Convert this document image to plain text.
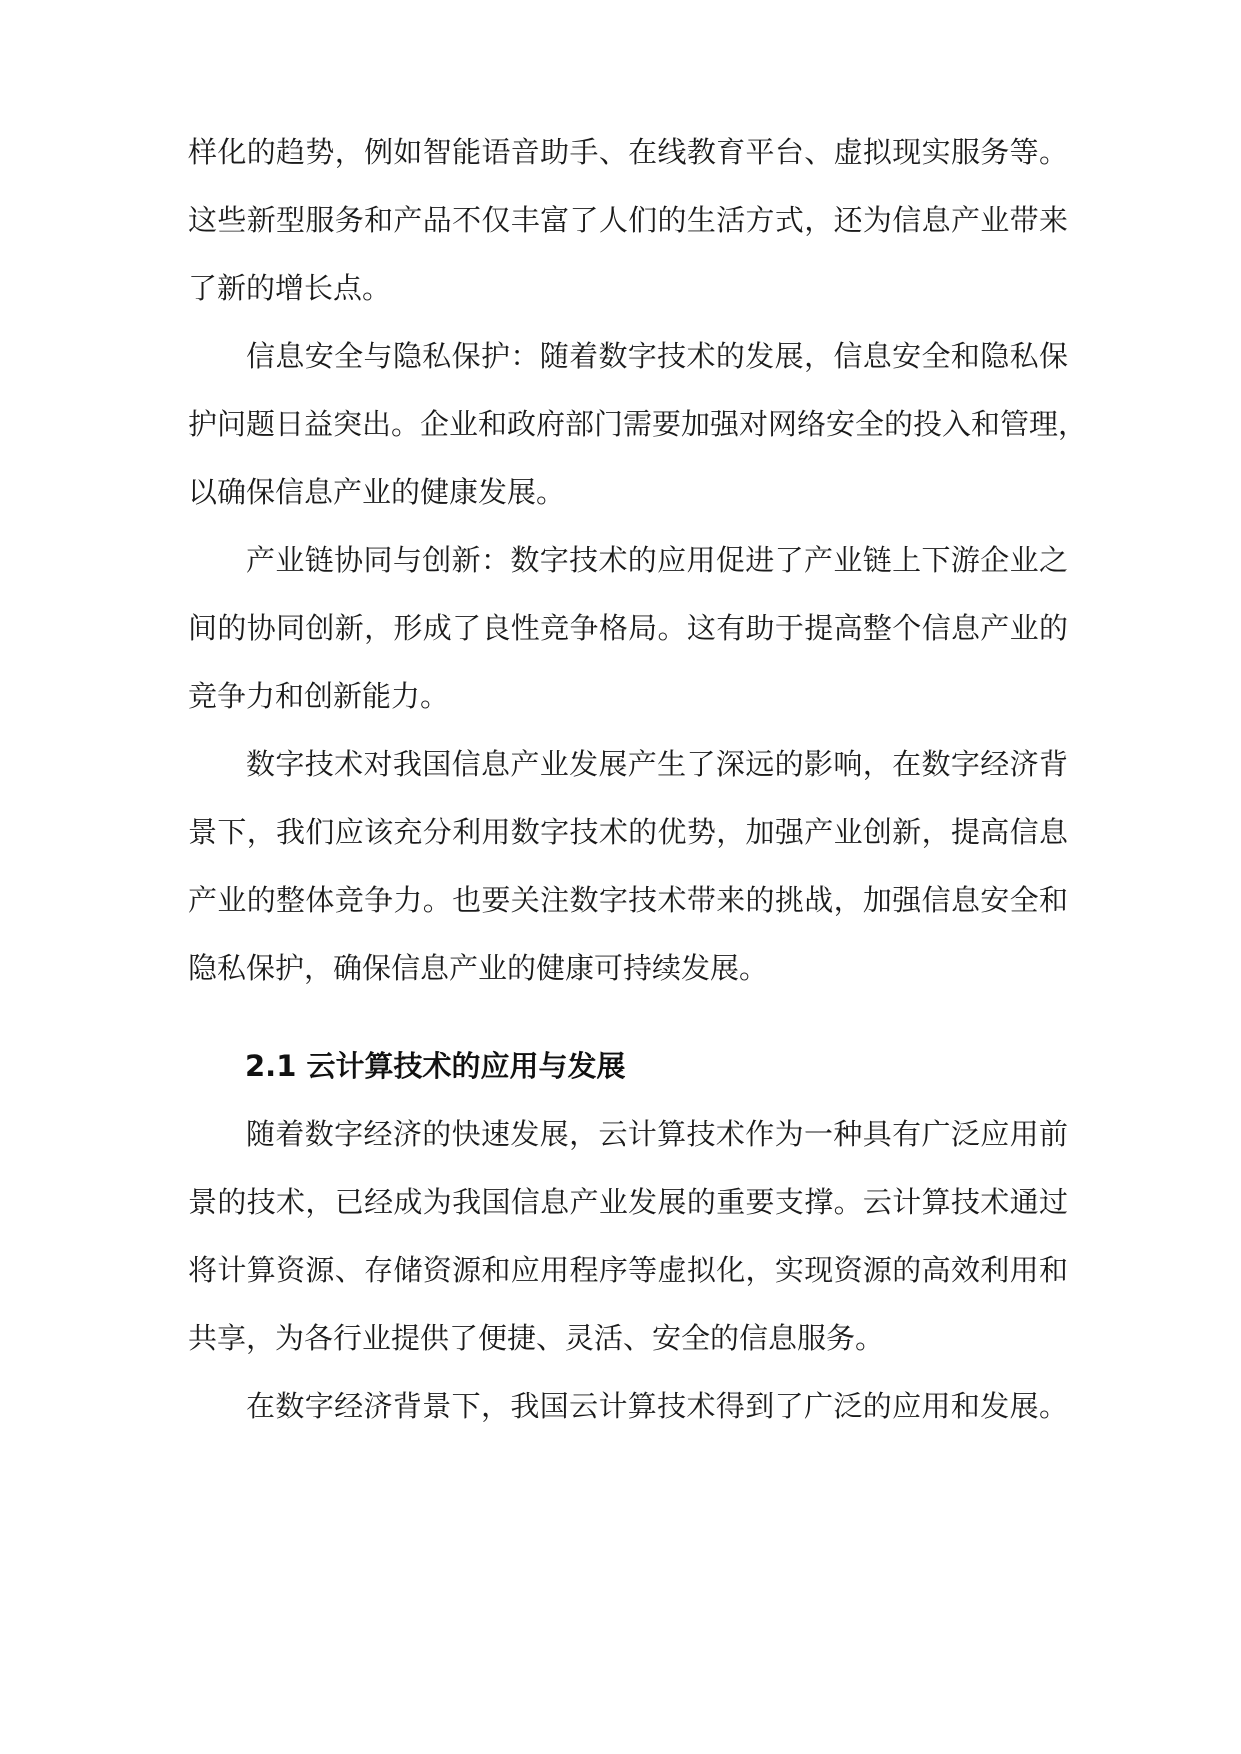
样化的趋势，例如智能语音助手、在线教育平台、虚拟现实服务等。

这些新型服务和产品不仅丰富了人们的生活方式，还为信息产业带来

了新的增长点。

信息安全与隐私保护：随着数字技术的发展，信息安全和隐私保

护问题日益突出。企业和政府部门需要加强对网络安全的投入和管理，

以确保信息产业的健康发展。

产业链协同与创新：数字技术的应用促进了产业链上下游企业之

间的协同创新，形成了良性竞争格局。这有助于提高整个信息产业的

竞争力和创新能力。

数字技术对我国信息产业发展产生了深远的影响，在数字经济背

景下，我们应该充分利用数字技术的优势，加强产业创新，提高信息

产业的整体竞争力。也要关注数字技术带来的挑战，加强信息安全和

隐私保护，确保信息产业的健康可持续发展。

2.1 云计算技术的应用与发展

随着数字经济的快速发展，云计算技术作为一种具有广泛应用前

景的技术，已经成为我国信息产业发展的重要支撑。云计算技术通过

将计算资源、存储资源和应用程序等虚拟化，实现资源的高效利用和

共享，为各行业提供了便捷、灵活、安全的信息服务。

在数字经济背景下，我国云计算技术得到了广泛的应用和发展。
